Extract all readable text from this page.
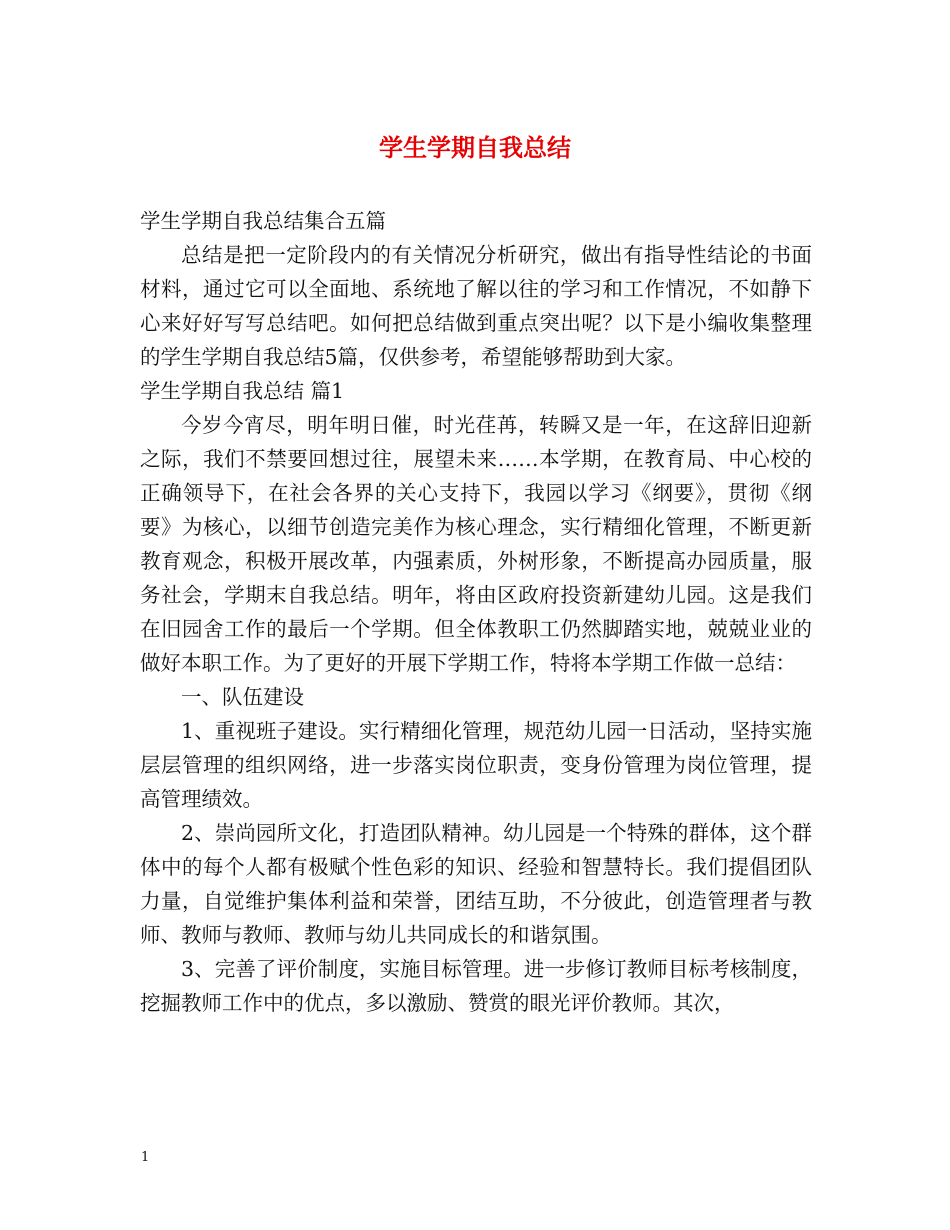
学生学期自我总结

学生学期自我总结集合五篇

总结是把一定阶段内的有关情况分析研究，做出有指导性结论的书面材料，通过它可以全面地、系统地了解以往的学习和工作情况，不如静下心来好好写写总结吧。如何把总结做到重点突出呢？以下是小编收集整理的学生学期自我总结5篇，仅供参考，希望能够帮助到大家。

学生学期自我总结 篇1

今岁今宵尽，明年明日催，时光荏苒，转瞬又是一年，在这辞旧迎新之际，我们不禁要回想过往，展望未来……本学期，在教育局、中心校的正确领导下，在社会各界的关心支持下，我园以学习《纲要》，贯彻《纲要》为核心，以细节创造完美作为核心理念，实行精细化管理，不断更新教育观念，积极开展改革，内强素质，外树形象，不断提高办园质量，服务社会，学期末自我总结。明年，将由区政府投资新建幼儿园。这是我们在旧园舍工作的最后一个学期。但全体教职工仍然脚踏实地，兢兢业业的做好本职工作。为了更好的开展下学期工作，特将本学期工作做一总结：

一、队伍建设

1、重视班子建设。实行精细化管理，规范幼儿园一日活动，坚持实施层层管理的组织网络，进一步落实岗位职责，变身份管理为岗位管理，提高管理绩效。

2、崇尚园所文化，打造团队精神。幼儿园是一个特殊的群体，这个群体中的每个人都有极赋个性色彩的知识、经验和智慧特长。我们提倡团队力量，自觉维护集体利益和荣誉，团结互助，不分彼此，创造管理者与教师、教师与教师、教师与幼儿共同成长的和谐氛围。

3、完善了评价制度，实施目标管理。进一步修订教师目标考核制度，挖掘教师工作中的优点，多以激励、赞赏的眼光评价教师。其次，

1
